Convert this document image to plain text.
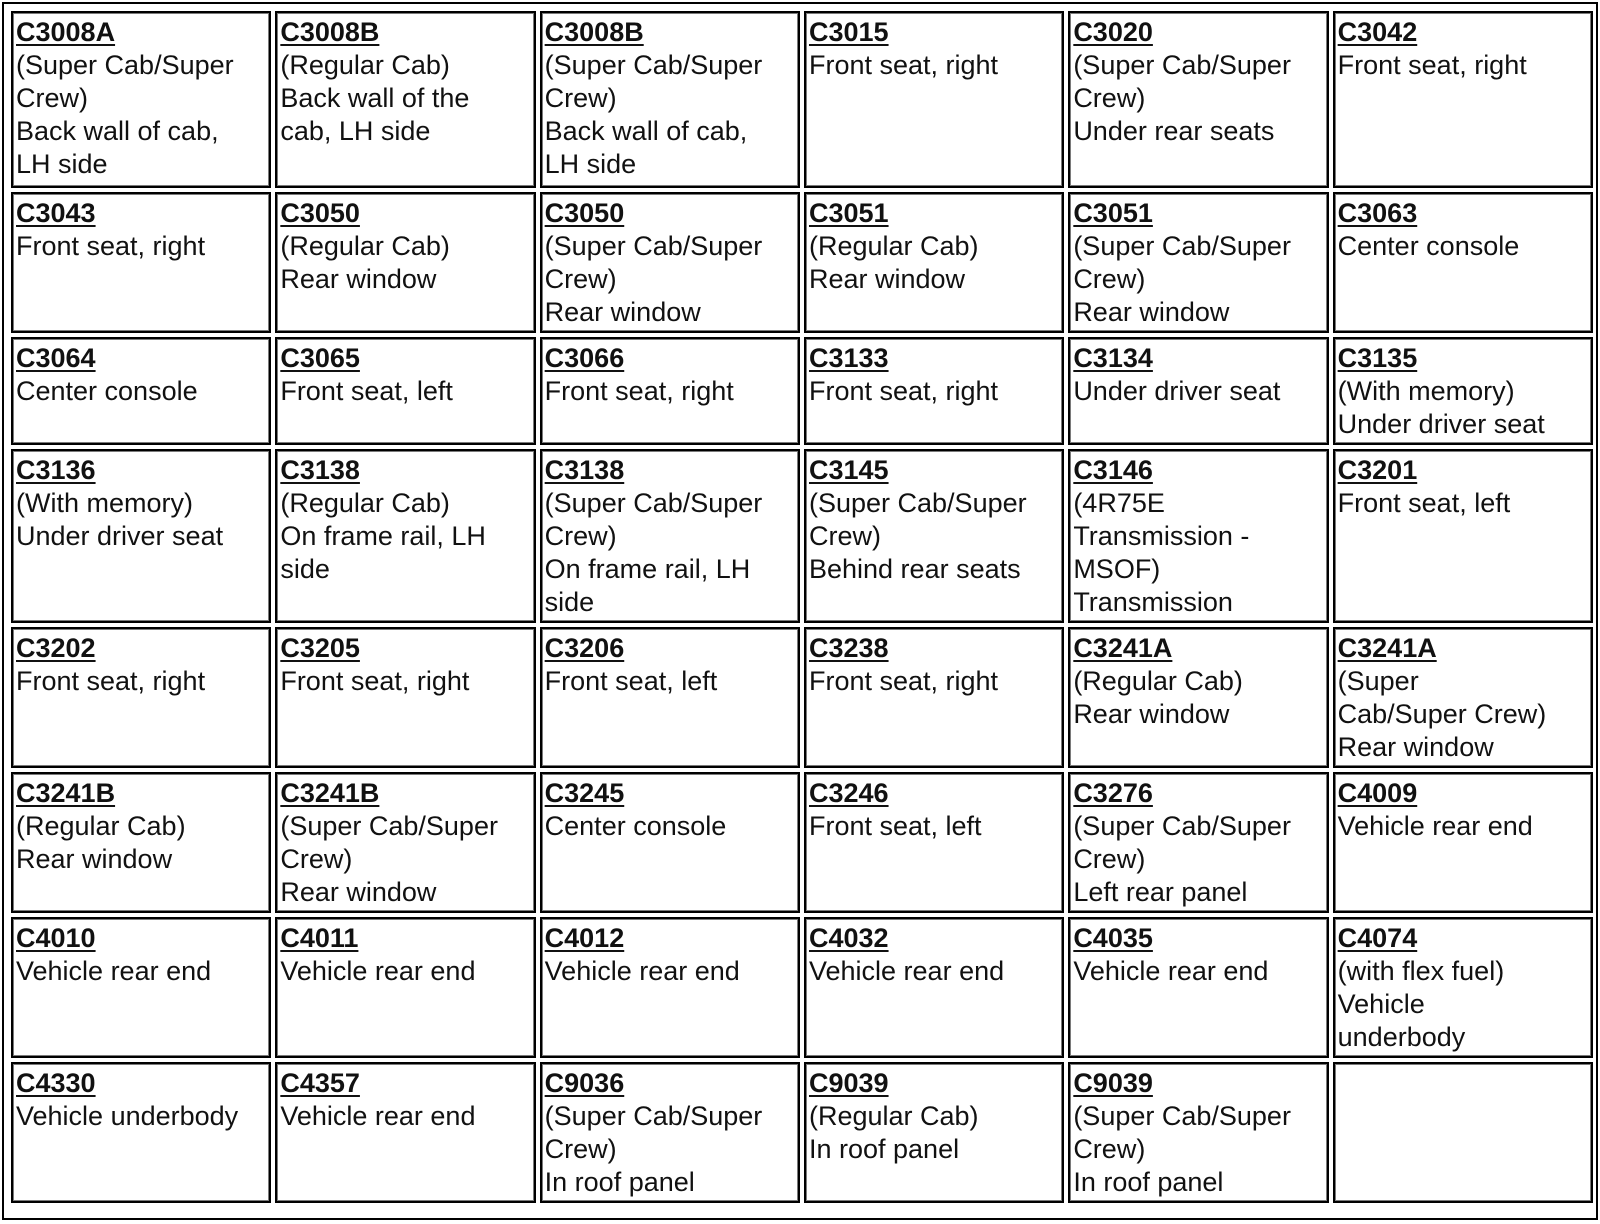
C3008A
(Super Cab/Super
Crew)
Back wall of cab,
LH side	C3008B
(Regular Cab)
Back wall of the
cab, LH side	C3008B
(Super Cab/Super
Crew)
Back wall of cab,
LH side	C3015
Front seat, right	C3020
(Super Cab/Super
Crew)
Under rear seats	C3042
Front seat, right

C3043
Front seat, right	C3050
(Regular Cab)
Rear window	C3050
(Super Cab/Super
Crew)
Rear window	C3051
(Regular Cab)
Rear window	C3051
(Super Cab/Super
Crew)
Rear window	C3063
Center console

C3064
Center console	C3065
Front seat, left	C3066
Front seat, right	C3133
Front seat, right	C3134
Under driver seat	C3135
(With memory)
Under driver seat

C3136
(With memory)
Under driver seat	C3138
(Regular Cab)
On frame rail, LH
side	C3138
(Super Cab/Super
Crew)
On frame rail, LH
side	C3145
(Super Cab/Super
Crew)
Behind rear seats	C3146
(4R75E
Transmission -
MSOF)
Transmission	C3201
Front seat, left

C3202
Front seat, right	C3205
Front seat, right	C3206
Front seat, left	C3238
Front seat, right	C3241A
(Regular Cab)
Rear window	C3241A
(Super
Cab/Super Crew)
Rear window

C3241B
(Regular Cab)
Rear window	C3241B
(Super Cab/Super
Crew)
Rear window	C3245
Center console	C3246
Front seat, left	C3276
(Super Cab/Super
Crew)
Left rear panel	C4009
Vehicle rear end

C4010
Vehicle rear end	C4011
Vehicle rear end	C4012
Vehicle rear end	C4032
Vehicle rear end	C4035
Vehicle rear end	C4074
(with flex fuel)
Vehicle
underbody

C4330
Vehicle underbody	C4357
Vehicle rear end	C9036
(Super Cab/Super
Crew)
In roof panel	C9039
(Regular Cab)
In roof panel	C9039
(Super Cab/Super
Crew)
In roof panel	
